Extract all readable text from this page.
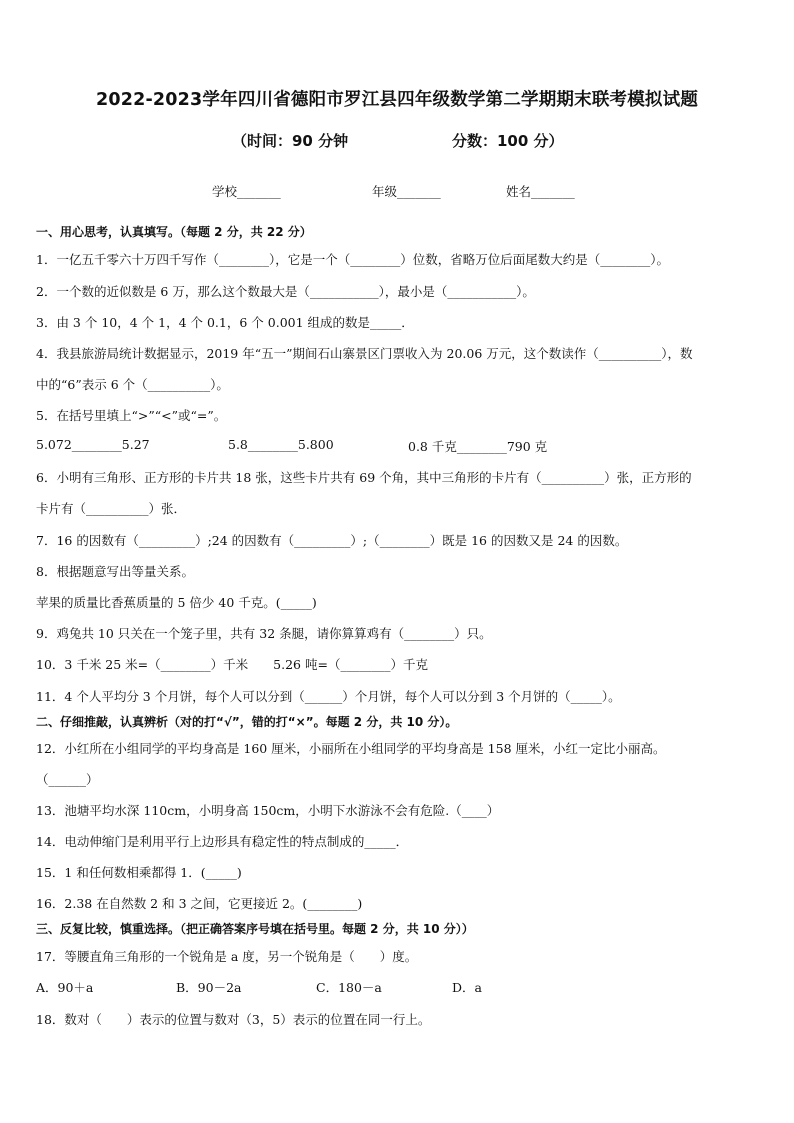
2022-2023学年四川省德阳市罗江县四年级数学第二学期期末联考模拟试题
（时间：90 分钟	分数：100 分）
学校_______	年级_______	姓名_______
一、用心思考，认真填写。（每题 2 分，共 22 分）
1．一亿五千零六十万四千写作（________），它是一个（________）位数，省略万位后面尾数大约是（________）。
2．一个数的近似数是 6 万，那么这个数最大是（___________），最小是（___________）。
3．由 3 个 10，4 个 1，4 个 0.1，6 个 0.001 组成的数是_____．
4．我县旅游局统计数据显示，2019 年“五一”期间石山寨景区门票收入为 20.06 万元，这个数读作（__________），数
中的“6”表示 6 个（__________）。
5．在括号里填上“>”“<”或“=”。
5.072________5.27	5.8________5.800	0.8 千克________790 克
6．小明有三角形、正方形的卡片共 18 张，这些卡片共有 69 个角，其中三角形的卡片有（__________）张，正方形的
卡片有（__________）张．
7．16 的因数有（_________）;24 的因数有（_________）;（________）既是 16 的因数又是 24 的因数。
8．根据题意写出等量关系。
苹果的质量比香蕉质量的 5 倍少 40 千克。(_____)
9．鸡兔共 10 只关在一个笼子里，共有 32 条腿，请你算算鸡有（________）只。
10．3 千米 25 米=（________）千米　　5.26 吨=（________）千克
11．4 个人平均分 3 个月饼，每个人可以分到（______）个月饼，每个人可以分到 3 个月饼的（_____）。
二、仔细推敲，认真辨析（对的打“√”，错的打“×”。每题 2 分，共 10 分）。
12．小红所在小组同学的平均身高是 160 厘米，小丽所在小组同学的平均身高是 158 厘米，小红一定比小丽高。
（______）
13．池塘平均水深 110cm，小明身高 150cm，小明下水游泳不会有危险.（____）
14．电动伸缩门是利用平行上边形具有稳定性的特点制成的_____．
15．1 和任何数相乘都得 1．(_____)
16．2.38 在自然数 2 和 3 之间，它更接近 2。(________)
三、反复比较，慎重选择。（把正确答案序号填在括号里。每题 2 分，共 10 分））
17．等腰直角三角形的一个锐角是 a 度，另一个锐角是（　　）度。
A．90＋a	B．90－2a	C．180－a	D．a
18．数对（　　）表示的位置与数对（3，5）表示的位置在同一行上。
